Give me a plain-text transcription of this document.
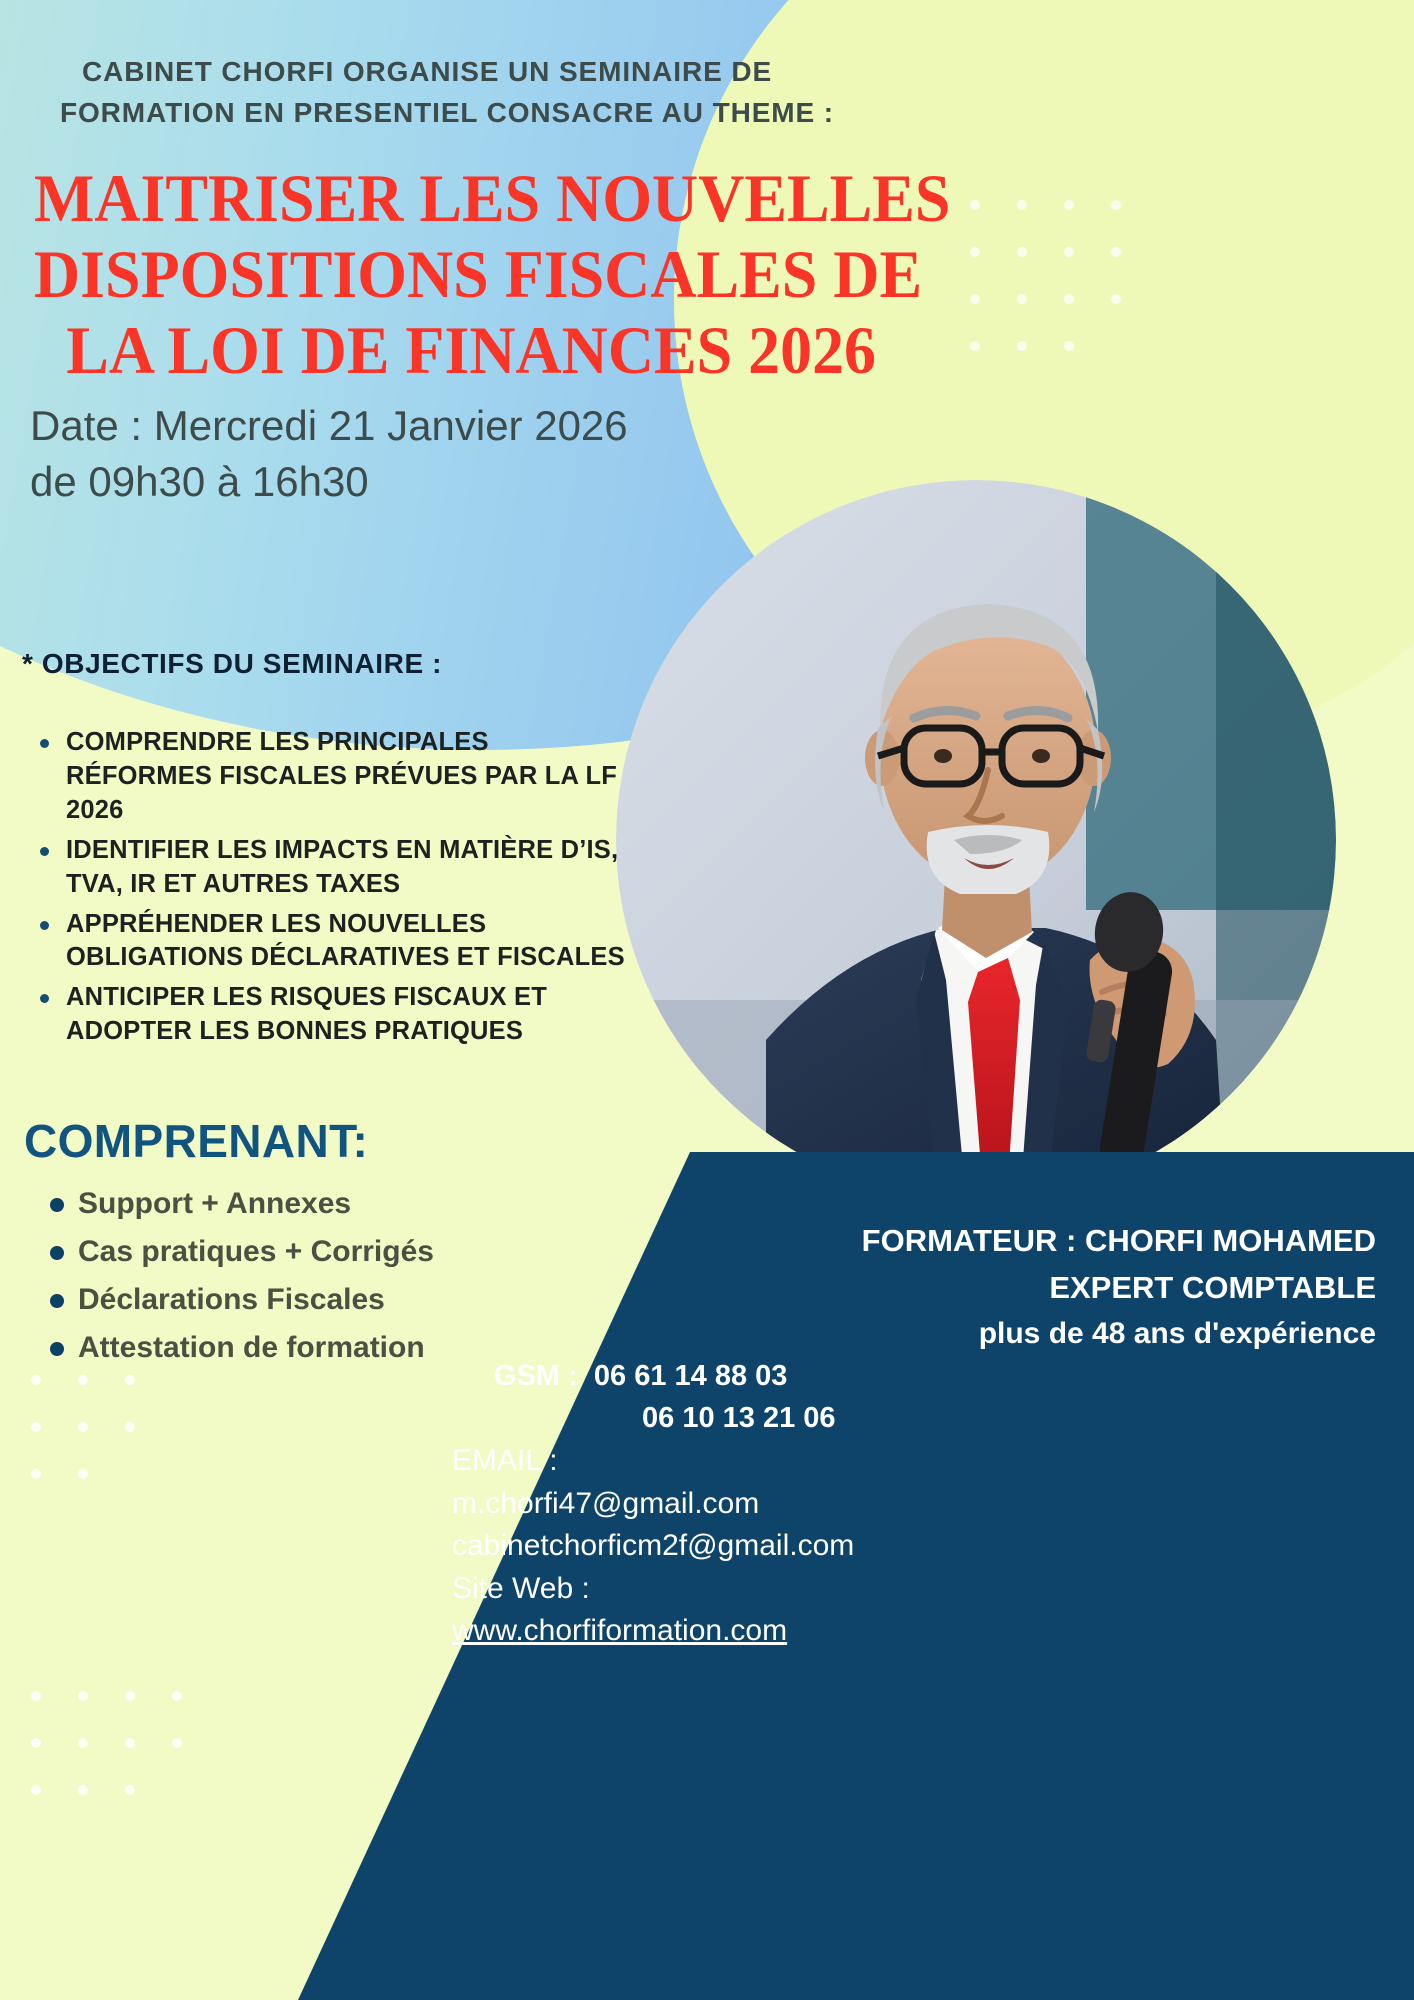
CABINET CHORFI ORGANISE UN SEMINAIRE DE
FORMATION EN PRESENTIEL CONSACRE AU THEME :
MAITRISER LES NOUVELLES
DISPOSITIONS FISCALES DE
LA LOI DE FINANCES 2026
Date : Mercredi 21 Janvier 2026
de 09h30 à 16h30
* OBJECTIFS DU SEMINAIRE :
COMPRENDRE LES PRINCIPALES RÉFORMES FISCALES PRÉVUES PAR LA LF 2026
IDENTIFIER LES IMPACTS EN MATIÈRE D’IS, TVA, IR ET AUTRES TAXES
APPRÉHENDER LES NOUVELLES OBLIGATIONS DÉCLARATIVES ET FISCALES
ANTICIPER LES RISQUES FISCAUX ET ADOPTER LES BONNES PRATIQUES
COMPRENANT:
Support + Annexes
Cas pratiques + Corrigés
Déclarations Fiscales
Attestation de formation
FORMATEUR : CHORFI MOHAMED
EXPERT COMPTABLE
plus de 48 ans d'expérience
GSM : 06 61 14 88 03
06 10 13 21 06
EMAIL :
m.chorfi47@gmail.com
cabinetchorficm2f@gmail.com
Site Web :
www.chorfiformation.com
